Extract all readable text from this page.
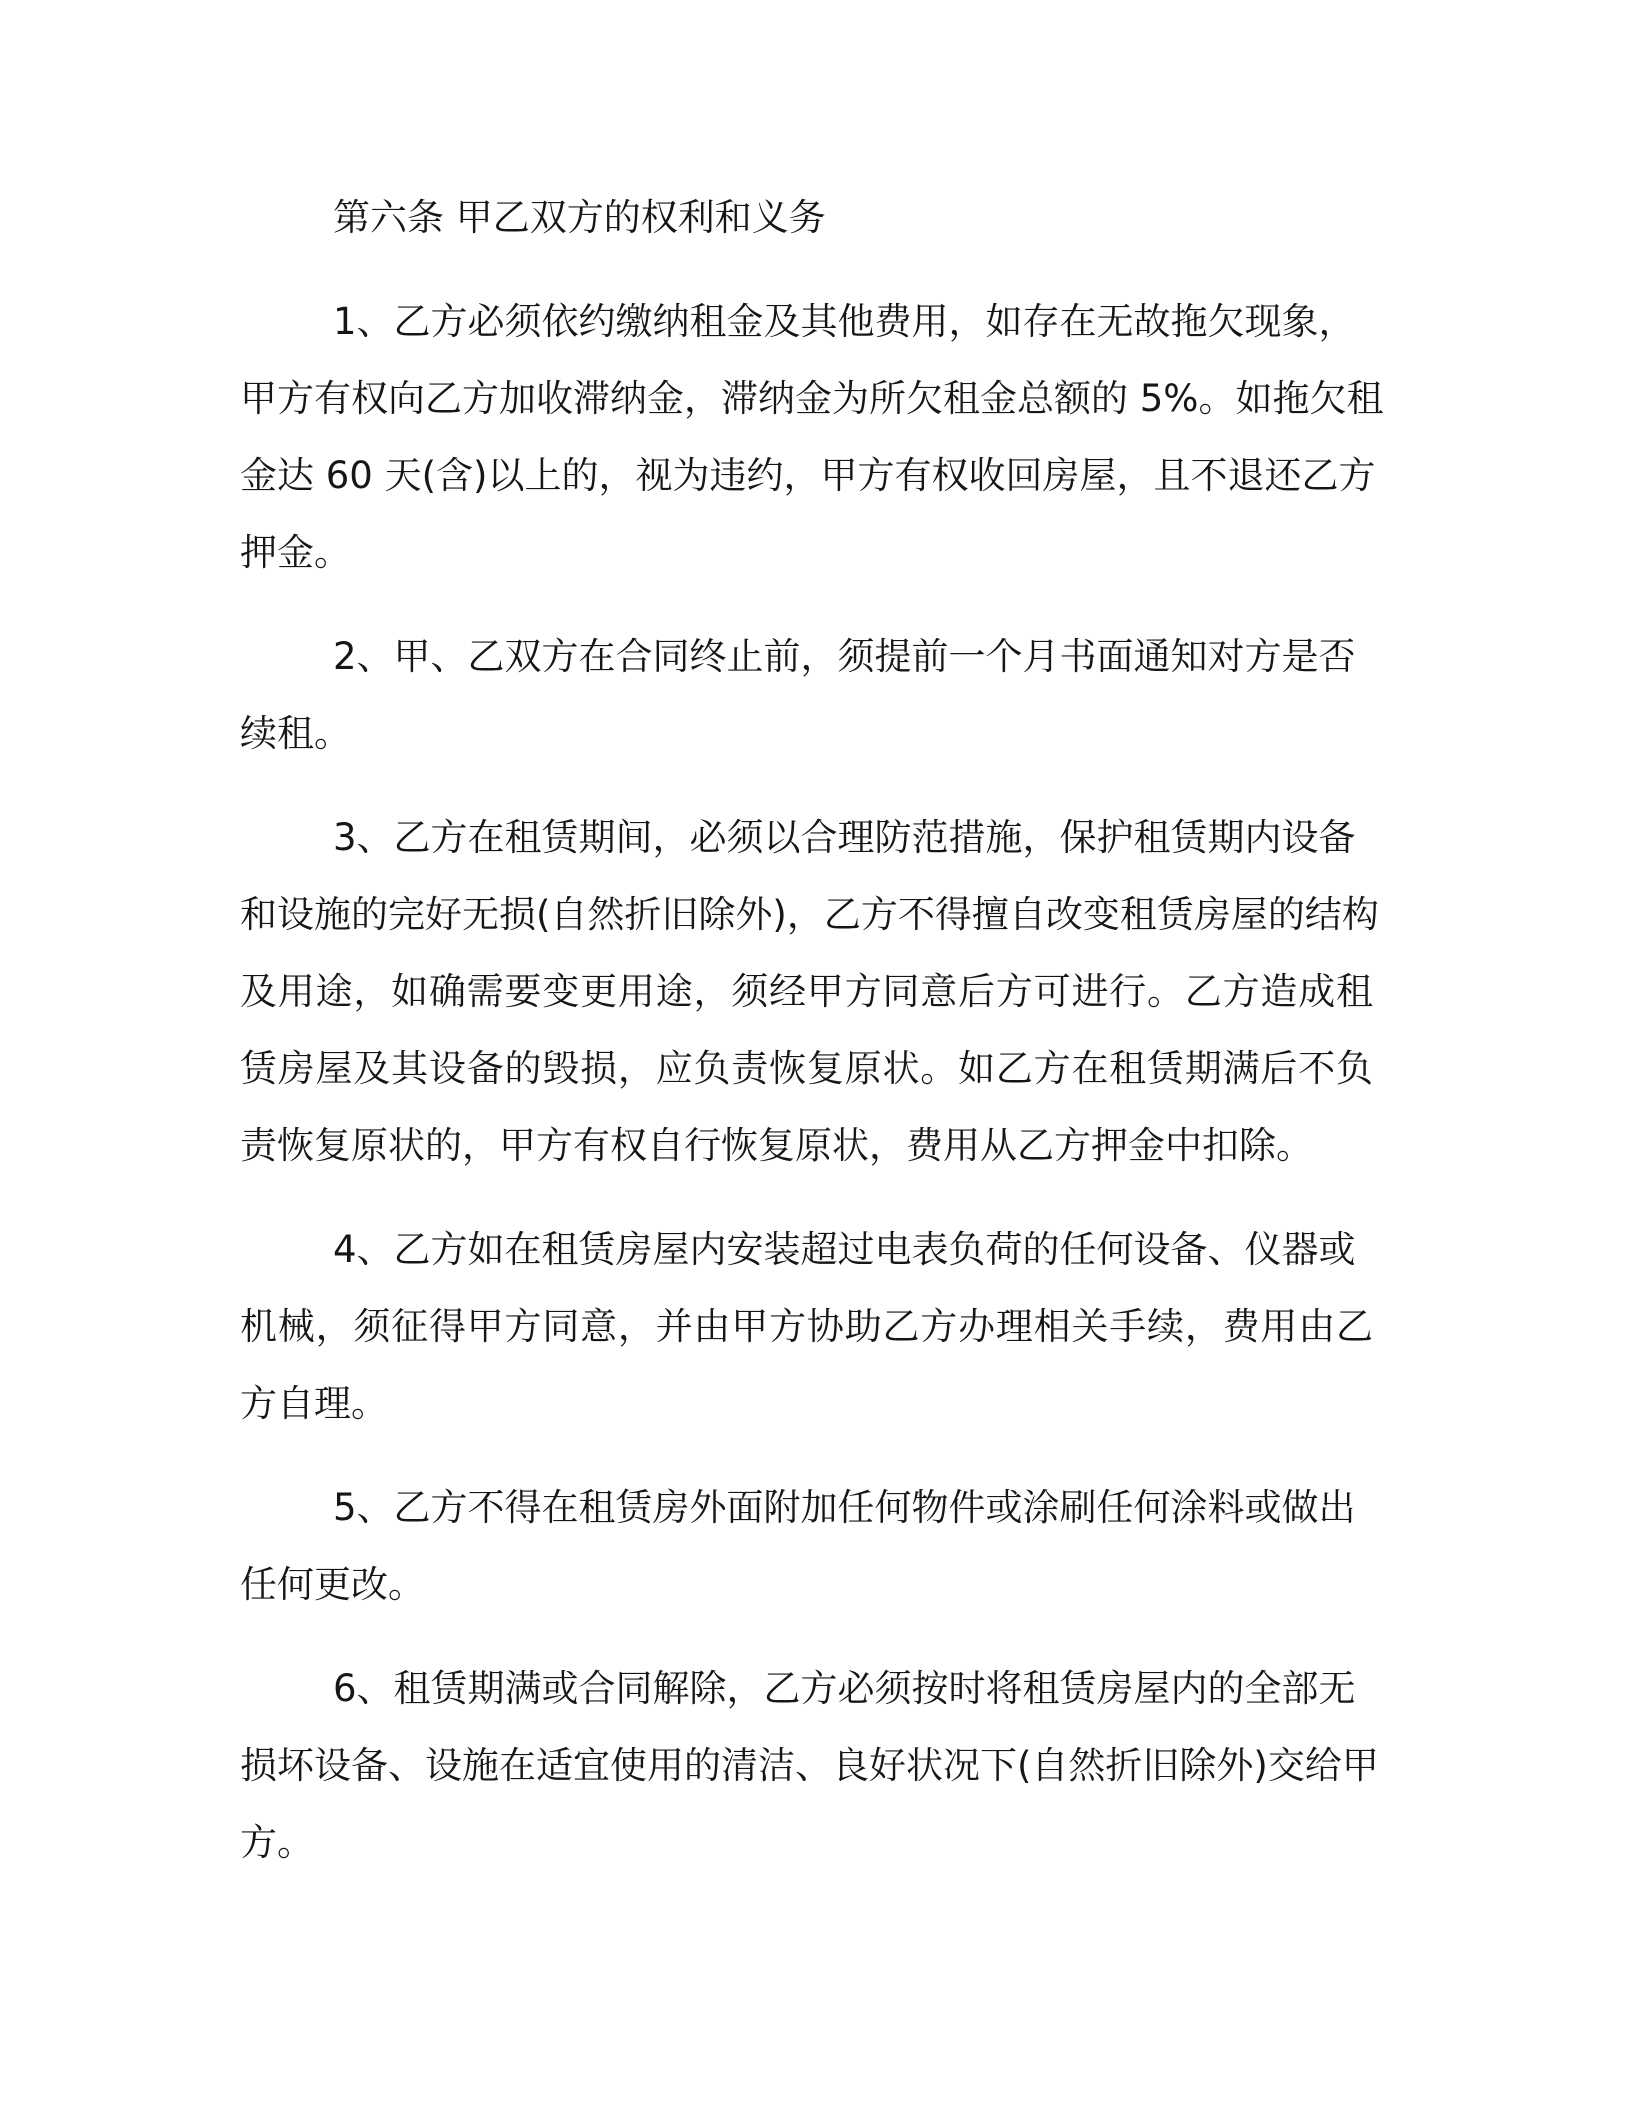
第六条 甲乙双方的权利和义务
1、乙方必须依约缴纳租金及其他费用，如存在无故拖欠现象，
甲方有权向乙方加收滞纳金，滞纳金为所欠租金总额的 5%。如拖欠租
金达 60 天(含)以上的，视为违约，甲方有权收回房屋，且不退还乙方
押金。
2、甲、乙双方在合同终止前，须提前一个月书面通知对方是否
续租。
3、乙方在租赁期间，必须以合理防范措施，保护租赁期内设备
和设施的完好无损(自然折旧除外)，乙方不得擅自改变租赁房屋的结构
及用途，如确需要变更用途，须经甲方同意后方可进行。乙方造成租
赁房屋及其设备的毁损，应负责恢复原状。如乙方在租赁期满后不负
责恢复原状的，甲方有权自行恢复原状，费用从乙方押金中扣除。
4、乙方如在租赁房屋内安装超过电表负荷的任何设备、仪器或
机械，须征得甲方同意，并由甲方协助乙方办理相关手续，费用由乙
方自理。
5、乙方不得在租赁房外面附加任何物件或涂刷任何涂料或做出
任何更改。
6、租赁期满或合同解除，乙方必须按时将租赁房屋内的全部无
损坏设备、设施在适宜使用的清洁、良好状况下(自然折旧除外)交给甲
方。
